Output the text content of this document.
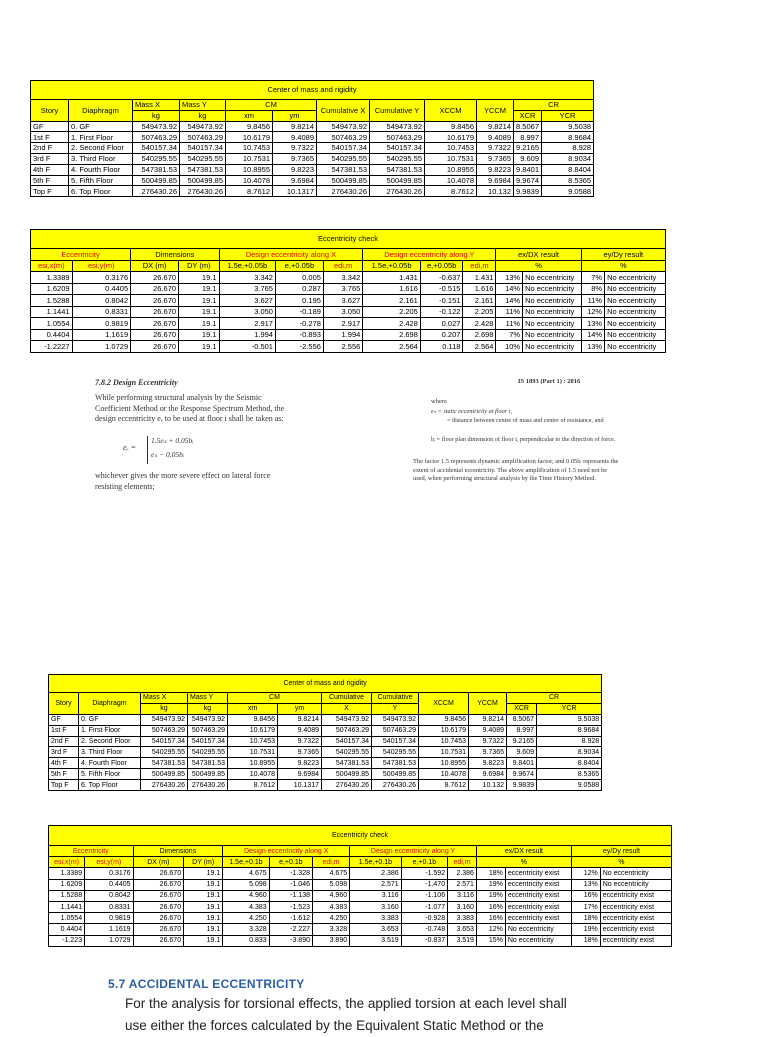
Center of mass and rigidity											
Story	Diaphragm	Mass X	Mass Y	CM		Cumulative X	Cumulative Y	XCCM	YCCM	CR	
		kg	kg	xm	ym					XCR	YCR

GF	0. GF	549473.92	549473.92	9.8456	9.8214	549473.92	549473.92	9.8456	9.8214	8.5067	9.5038
1st F	1. First Floor	507463.29	507463.29	10.6179	9.4089	507463.29	507463.29	10.6179	9.4089	8.997	8.9684
2nd F	2. Second Floor	540157.34	540157.34	10.7453	9.7322	540157.34	540157.34	10.7453	9.7322	9.2165	8.928
3rd F	3. Third Floor	540295.55	540295.55	10.7531	9.7365	540295.55	540295.55	10.7531	9.7365	9.609	8.9034
4th F	4. Fourth Floor	547381.53	547381.53	10.8955	9.8223	547381.53	547381.53	10.8955	9.8223	9.8401	8.8404
5th F	5. Fifth Floor	500499.85	500499.85	10.4078	9.6984	500499.85	500499.85	10.4078	9.6984	9.9674	8.5365
Top F	6. Top Floor	276430.26	276430.26	8.7612	10.1317	276430.26	276430.26	8.7612	10.132	9.9839	9.0588
Eccentricity check													
Eccentricity		Dimensions		Design eccentricity along X			Design eccentricity along Y			ex/DX result		ey/Dy result	
esi,x(m)	esi,y(m)	DX (m)	DY (m)	1.5e,+0.05b	e,+0.05b	edi,m	1.5e,+0.05b	e,+0.05b	edi,m	%		%	
1.3389	0.3176	26.670	19.1	3.342	0.005	3.342	1.431	-0.637	1.431	13%	No eccentricity	7%	No eccentricity
1.6209	0.4405	26.670	19.1	3.765	0.287	3.765	1.616	-0.515	1.616	14%	No eccentricity	8%	No eccentricity
1.5288	0.8042	26.670	19.1	3.627	0.195	3.627	2.161	-0.151	2.161	14%	No eccentricity	11%	No eccentricity
1.1441	0.8331	26.670	19.1	3.050	-0.189	3.050	2.205	-0.122	2.205	11%	No eccentricity	12%	No eccentricity
1.0554	0.9819	26.670	19.1	2.917	-0.278	2.917	2.428	0.027	2.428	11%	No eccentricity	13%	No eccentricity
0.4404	1.1619	26.670	19.1	1.994	-0.893	1.994	2.698	0.207	2.698	7%	No eccentricity	14%	No eccentricity
-1.2227	1.0729	26.670	19.1	-0.501	-2.556	2.556	2.564	0.118	2.564	10%	No eccentricity	13%	No eccentricity
7.8.2 Design Eccentricity
While performing structural analysis by the Seismic Coefficient Method or the Response Spectrum Method, the design eccentricity eₑ to be used at floor i shall be taken as:
eₑ =
1.5eₛ + 0.05bᵢ
eₛ − 0.05bᵢ
whichever gives the more severe effect on lateral force resisting elements;
IS 1893 (Part 1) : 2016
where
eₛ = static eccentricity at floor i,
= distance between centre of mass and centre of resistance, and
bᵢ = floor plan dimension of floor i, perpendicular to the direction of force.
The factor 1.5 represents dynamic amplification factor, and 0.05bᵢ represents the extent of accidental eccentricity. The above amplification of 1.5 need not be used, when performing structural analysis by the Time History Method.
Center of mass and rigidity											
Story	Diaphragm	Mass X	Mass Y	CM		Cumulative	Cumulative	XCCM	YCCM	CR	
		kg	kg	xm	ym	X	Y			XCR	YCR

GF	0. GF	549473.92	549473.92	9.8456	9.8214	549473.92	549473.92	9.8456	9.8214	8.5067	9.5038
1st F	1. First Floor	507463.29	507463.29	10.6179	9.4089	507463.29	507463.29	10.6179	9.4089	8.997	8.9684
2nd F	2. Second Floor	540157.34	540157.34	10.7453	9.7322	540157.34	540157.34	10.7453	9.7322	9.2165	8.928
3rd F	3. Third Floor	540295.55	540295.55	10.7531	9.7365	540295.55	540295.55	10.7531	9.7365	9.609	8.9034
4th F	4. Fourth Floor	547381.53	547381.53	10.8955	9.8223	547381.53	547381.53	10.8955	9.8223	9.8401	8.8404
5th F	5. Fifth Floor	500499.85	500499.85	10.4078	9.6984	500499.85	500499.85	10.4078	9.6984	9.9674	8.5365
Top F	6. Top Floor	276430.26	276430.26	8.7612	10.1317	276430.26	276430.26	8.7612	10.132	9.9839	9.0588
Eccentricity check													
Eccentricity		Dimensions		Design eccentricity along X			Design eccentricity along Y			ex/DX result		ey/Dy result	
esi,x(m)	esi,y(m)	DX (m)	DY (m)	1.5e,+0.1b	e,+0.1b	edi,m	1.5e,+0.1b	e,+0.1b	edi,m	%		%	
1.3389	0.3176	26.670	19.1	4.675	-1.328	4.675	2.386	-1.592	2.386	18%	eccentricity exist	12%	No eccentricity
1.6209	0.4405	26.670	19.1	5.098	-1.046	5.098	2.571	-1.470	2.571	19%	eccentricity exist	13%	No eccentricity
1.5288	0.8042	26.670	19.1	4.960	-1.138	4.960	3.116	-1.106	3.116	19%	eccentricity exist	16%	eccentricity exist
1.1441	0.8331	26.670	19.1	4.383	-1.523	4.383	3.160	-1.077	3.160	16%	eccentricity exist	17%	eccentricity exist
1.0554	0.9819	26.670	19.1	4.250	-1.612	4.250	3.383	-0.928	3.383	16%	eccentricity exist	18%	eccentricity exist
0.4404	1.1619	26.670	19.1	3.328	-2.227	3.328	3.653	-0.748	3.653	12%	No eccentricity	19%	eccentricity exist
-1.223	1.0729	26.670	19.1	0.833	-3.890	3.890	3.519	-0.837	3.519	15%	No eccentricity	18%	eccentricity exist
5.7 ACCIDENTAL ECCENTRICITY
For the analysis for torsional effects, the applied torsion at each level shall
use either the forces calculated by the Equivalent Static Method or the
